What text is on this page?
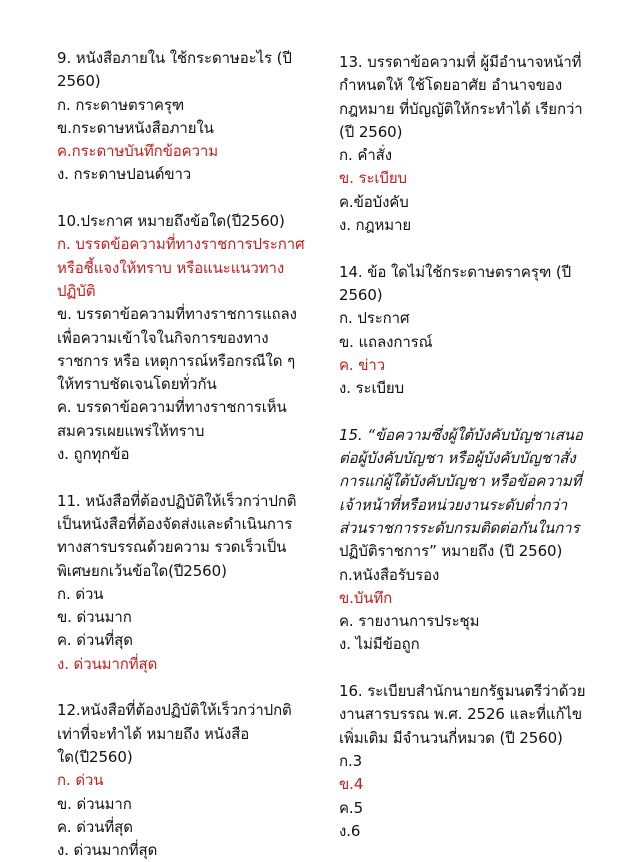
9. หนังสือภายใน ใช้กระดาษอะไร (ปี
2560)
ก. กระดาษตราครุฑ
ข.กระดาษหนังสือภายใน
ค.กระดาษบันทึกข้อความ
ง. กระดาษปอนด์ขาว
10.ประกาศ หมายถึงข้อใด(ปี2560)
ก. บรรดข้อความที่ทางราชการประกาศ
หรือชี้แจงให้ทราบ หรือแนะแนวทาง
ปฏิบัติ
ข. บรรดาข้อความที่ทางราชการแถลง
เพื่อความเข้าใจในกิจการของทาง
ราชการ หรือ เหตุการณ์หรือกรณีใด ๆ
ให้ทราบชัดเจนโดยทั่วกัน
ค. บรรดาข้อความที่ทางราชการเห็น
สมควรเผยแพร่ให้ทราบ
ง. ถูกทุกข้อ
11. หนังสือที่ต้องปฏิบัติให้เร็วกว่าปกติ
เป็นหนังสือที่ต้องจัดส่งและดำเนินการ
ทางสารบรรณด้วยความ รวดเร็วเป็น
พิเศษยกเว้นข้อใด(ปี2560)
ก. ด่วน
ข. ด่วนมาก
ค. ด่วนที่สุด
ง. ด่วนมากที่สุด
12.หนังสือที่ต้องปฏิบัติให้เร็วกว่าปกติ
เท่าที่จะทำได้ หมายถึง หนังสือ
ใด(ปี2560)
ก. ด่วน
ข. ด่วนมาก
ค. ด่วนที่สุด
ง. ด่วนมากที่สุด
13. บรรดาข้อความที่ ผู้มีอำนาจหน้าที่
กำหนดให้ ใช้โดยอาศัย อำนาจของ
กฎหมาย ที่บัญญัติให้กระทำได้ เรียกว่า
(ปี 2560)
ก. คำสั่ง
ข. ระเบียบ
ค.ข้อบังคับ
ง. กฎหมาย
14. ข้อ ใดไม่ใช้กระดาษตราครุฑ (ปี
2560)
ก. ประกาศ
ข. แถลงการณ์
ค. ข่าว
ง. ระเบียบ
15. “ข้อความซึ่งผู้ใต้บังคับบัญชาเสนอ
ต่อผู้บังคับบัญชา หรือผู้บังคับบัญชาสั่ง
การแก่ผู้ใต้บังคับบัญชา หรือข้อความที่
เจ้าหน้าที่หรือหน่วยงานระดับต่ำกว่า
ส่วนราชการระดับกรมติดต่อกันในการ
ปฏิบัติราชการ” หมายถึง (ปี 2560)
ก.หนังสือรับรอง
ข.บันทึก
ค. รายงานการประชุม
ง. ไม่มีข้อถูก
16. ระเบียบสำนักนายกรัฐมนตรีว่าด้วย
งานสารบรรณ พ.ศ. 2526 และที่แก้ไข
เพิ่มเติม มีจำนวนกี่หมวด (ปี 2560)
ก.3
ข.4
ค.5
ง.6
